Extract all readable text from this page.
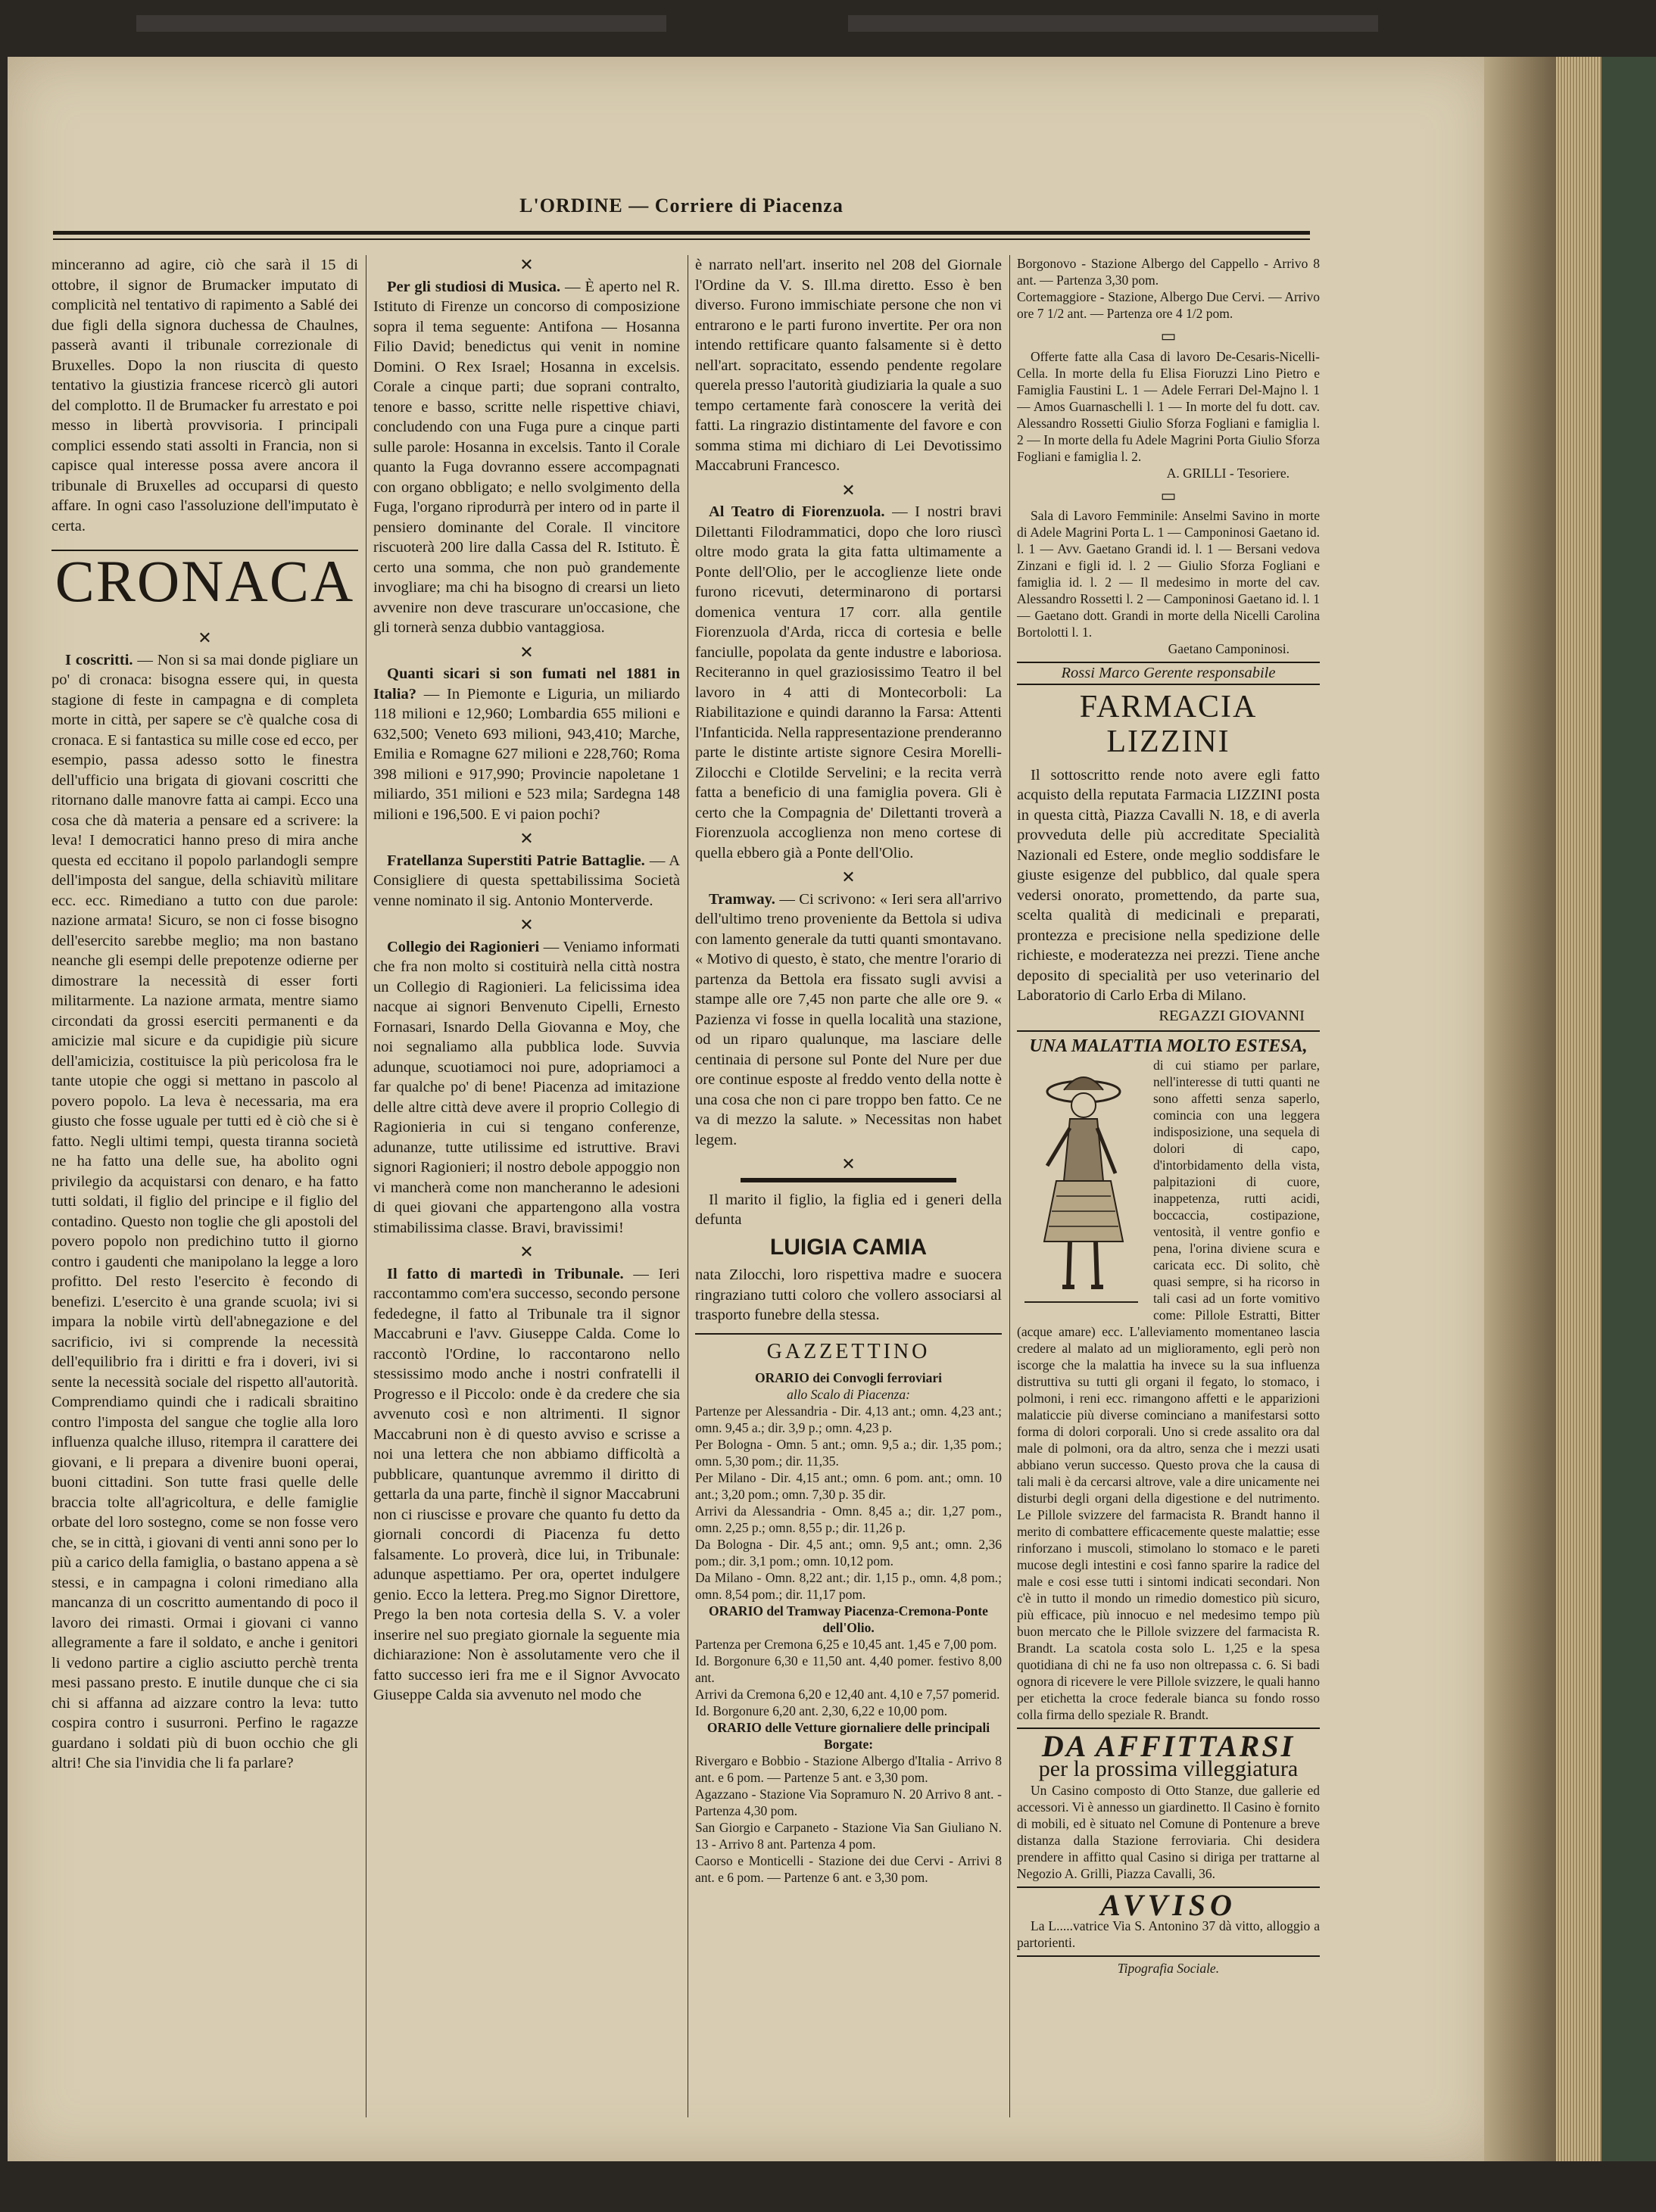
L'ORDINE — Corriere di Piacenza

minceranno ad agire, ciò che sarà il 15 di ottobre, il signor de Brumacker imputato di complicità nel tentativo di rapimento a Sablé dei due figli della signora duchessa de Chaulnes, passerà avanti il tribunale correzionale di Bruxelles. Dopo la non riuscita di questo tentativo la giustizia francese ricercò gli autori del complotto. Il de Brumacker fu arrestato e poi messo in libertà provvisoria. I principali complici essendo stati assolti in Francia, non si capisce qual interesse possa avere ancora il tribunale di Bruxelles ad occuparsi di questo affare. In ogni caso l'assoluzione dell'imputato è certa.

CRONACA
✕

I coscritti. — Non si sa mai donde pigliare un po' di cronaca: bisogna essere qui, in questa stagione di feste in campagna e di completa morte in città, per sapere se c'è qualche cosa di cronaca. E si fantastica su mille cose ed ecco, per esempio, passa adesso sotto le finestra dell'ufficio una brigata di giovani coscritti che ritornano dalle manovre fatta ai campi. Ecco una cosa che dà materia a pensare ed a scrivere: la leva! I democratici hanno preso di mira anche questa ed eccitano il popolo parlandogli sempre dell'imposta del sangue, della schiavitù militare ecc. ecc. Rimediano a tutto con due parole: nazione armata! Sicuro, se non ci fosse bisogno dell'esercito sarebbe meglio; ma non bastano neanche gli esempi delle prepotenze odierne per dimostrare la necessità di esser forti militarmente. La nazione armata, mentre siamo circondati da grossi eserciti permanenti e da amicizie mal sicure e da cupidigie più sicure dell'amicizia, costituisce la più pericolosa fra le tante utopie che oggi si mettano in pascolo al povero popolo. La leva è necessaria, ma era giusto che fosse uguale per tutti ed è ciò che si è fatto. Negli ultimi tempi, questa tiranna società ne ha fatto una delle sue, ha abolito ogni privilegio da acquistarsi con denaro, e ha fatto tutti soldati, il figlio del principe e il figlio del contadino. Questo non toglie che gli apostoli del povero popolo non predichino tutto il giorno contro i gaudenti che manipolano la legge a loro profitto. Del resto l'esercito è fecondo di benefizi. L'esercito è una grande scuola; ivi si impara la nobile virtù dell'abnegazione e del sacrificio, ivi si comprende la necessità dell'equilibrio fra i diritti e fra i doveri, ivi si sente la necessità sociale del rispetto all'autorità. Comprendiamo quindi che i radicali sbraitino contro l'imposta del sangue che toglie alla loro influenza qualche illuso, ritempra il carattere dei giovani, e li prepara a divenire buoni operai, buoni cittadini. Son tutte frasi quelle delle braccia tolte all'agricoltura, e delle famiglie orbate del loro sostegno, come se non fosse vero che, se in città, i giovani di venti anni sono per lo più a carico della famiglia, o bastano appena a sè stessi, e in campagna i coloni rimediano alla mancanza di un coscritto aumentando di poco il lavoro dei rimasti. Ormai i giovani ci vanno allegramente a fare il soldato, e anche i genitori li vedono partire a ciglio asciutto perchè trenta mesi passano presto. E inutile dunque che ci sia chi si affanna ad aizzare contro la leva: tutto cospira contro i susurroni. Perfino le ragazze guardano i soldati più di buon occhio che gli altri! Che sia l'invidia che li fa parlare?

✕

Per gli studiosi di Musica. — È aperto nel R. Istituto di Firenze un concorso di composizione sopra il tema seguente: Antifona — Hosanna Filio David; benedictus qui venit in nomine Domini. O Rex Israel; Hosanna in excelsis. Corale a cinque parti; due soprani contralto, tenore e basso, scritte nelle rispettive chiavi, concludendo con una Fuga pure a cinque parti sulle parole: Hosanna in excelsis. Tanto il Corale quanto la Fuga dovranno essere accompagnati con organo obbligato; e nello svolgimento della Fuga, l'organo riprodurrà per intero od in parte il pensiero dominante del Corale. Il vincitore riscuoterà 200 lire dalla Cassa del R. Istituto. È certo una somma, che non può grandemente invogliare; ma chi ha bisogno di crearsi un lieto avvenire non deve trascurare un'occasione, che gli tornerà senza dubbio vantaggiosa.

✕

Quanti sicari si son fumati nel 1881 in Italia? — In Piemonte e Liguria, un miliardo 118 milioni e 12,960; Lombardia 655 milioni e 632,500; Veneto 693 milioni, 943,410; Marche, Emilia e Romagne 627 milioni e 228,760; Roma 398 milioni e 917,990; Provincie napoletane 1 miliardo, 351 milioni e 523 mila; Sardegna 148 milioni e 196,500. E vi paion pochi?

✕

Fratellanza Superstiti Patrie Battaglie. — A Consigliere di questa spettabilissima Società venne nominato il sig. Antonio Monterverde.

✕

Collegio dei Ragionieri — Veniamo informati che fra non molto si costituirà nella città nostra un Collegio di Ragionieri. La felicissima idea nacque ai signori Benvenuto Cipelli, Ernesto Fornasari, Isnardo Della Giovanna e Moy, che noi segnaliamo alla pubblica lode. Suvvia adunque, scuotiamoci noi pure, adopriamoci a far qualche po' di bene! Piacenza ad imitazione delle altre città deve avere il proprio Collegio di Ragionieria in cui si tengano conferenze, adunanze, tutte utilissime ed istruttive. Bravi signori Ragionieri; il nostro debole appoggio non vi mancherà come non mancheranno le adesioni di quei giovani che appartengono alla vostra stimabilissima classe. Bravi, bravissimi!

✕

Il fatto di martedì in Tribunale. — Ieri raccontammo com'era successo, secondo persone fededegne, il fatto al Tribunale tra il signor Maccabruni e l'avv. Giuseppe Calda. Come lo raccontò l'Ordine, lo raccontarono nello stessissimo modo anche i nostri confratelli il Progresso e il Piccolo: onde è da credere che sia avvenuto così e non altrimenti. Il signor Maccabruni non è di questo avviso e scrisse a noi una lettera che non abbiamo difficoltà a pubblicare, quantunque avremmo il diritto di gettarla da una parte, finchè il signor Maccabruni non ci riuscisse e provare che quanto fu detto da giornali concordi di Piacenza fu detto falsamente. Lo proverà, dice lui, in Tribunale: adunque aspettiamo. Per ora, opertet indulgere genio. Ecco la lettera. Preg.mo Signor Direttore, Prego la ben nota cortesia della S. V. a voler inserire nel suo pregiato giornale la seguente mia dichiarazione: Non è assolutamente vero che il fatto successo ieri fra me e il Signor Avvocato Giuseppe Calda sia avvenuto nel modo che

è narrato nell'art. inserito nel 208 del Giornale l'Ordine da V. S. Ill.ma diretto. Esso è ben diverso. Furono immischiate persone che non vi entrarono e le parti furono invertite. Per ora non intendo rettificare quanto falsamente si è detto nell'art. sopracitato, essendo pendente regolare querela presso l'autorità giudiziaria la quale a suo tempo certamente farà conoscere la verità dei fatti. La ringrazio distintamente del favore e con somma stima mi dichiaro di Lei Devotissimo Maccabruni Francesco.

✕

Al Teatro di Fiorenzuola. — I nostri bravi Dilettanti Filodrammatici, dopo che loro riuscì oltre modo grata la gita fatta ultimamente a Ponte dell'Olio, per le accoglienze liete onde furono ricevuti, determinarono di portarsi domenica ventura 17 corr. alla gentile Fiorenzuola d'Arda, ricca di cortesia e belle fanciulle, popolata da gente industre e laboriosa. Reciteranno in quel graziosissimo Teatro il bel lavoro in 4 atti di Montecorboli: La Riabilitazione e quindi daranno la Farsa: Attenti l'Infanticida. Nella rappresentazione prenderanno parte le distinte artiste signore Cesira Morelli-Zilocchi e Clotilde Servelini; e la recita verrà fatta a beneficio di una famiglia povera. Gli è certo che la Compagnia de' Dilettanti troverà a Fiorenzuola accoglienza non meno cortese di quella ebbero già a Ponte dell'Olio.

✕

Tramway. — Ci scrivono: « Ieri sera all'arrivo dell'ultimo treno proveniente da Bettola si udiva con lamento generale da tutti quanti smontavano. « Motivo di questo, è stato, che mentre l'orario di partenza da Bettola era fissato sugli avvisi a stampe alle ore 7,45 non parte che alle ore 9. « Pazienza vi fosse in quella località una stazione, od un riparo qualunque, ma lasciare delle centinaia di persone sul Ponte del Nure per due ore continue esposte al freddo vento della notte è una cosa che non ci pare troppo ben fatto. Ce ne va di mezzo la salute. » Necessitas non habet legem.

✕

Il marito il figlio, la figlia ed i generi della defunta

LUIGIA CAMIA

nata Zilocchi, loro rispettiva madre e suocera ringraziano tutti coloro che vollero associarsi al trasporto funebre della stessa.

GAZZETTINO
ORARIO dei Convogli ferroviari
allo Scalo di Piacenza:
Partenze per Alessandria - Dir. 4,13 ant.; omn. 4,23 ant.; omn. 9,45 a.; dir. 3,9 p.; omn. 4,23 p.
Per Bologna - Omn. 5 ant.; omn. 9,5 a.; dir. 1,35 pom.; omn. 5,30 pom.; dir. 11,35.
Per Milano - Dir. 4,15 ant.; omn. 6 pom. ant.; omn. 10 ant.; 3,20 pom.; omn. 7,30 p. 35 dir.
Arrivi da Alessandria - Omn. 8,45 a.; dir. 1,27 pom., omn. 2,25 p.; omn. 8,55 p.; dir. 11,26 p.
Da Bologna - Dir. 4,5 ant.; omn. 9,5 ant.; omn. 2,36 pom.; dir. 3,1 pom.; omn. 10,12 pom.
Da Milano - Omn. 8,22 ant.; dir. 1,15 p., omn. 4,8 pom.; omn. 8,54 pom.; dir. 11,17 pom.
ORARIO del Tramway Piacenza-Cremona-Ponte dell'Olio.
Partenza per Cremona 6,25 e 10,45 ant. 1,45 e 7,00 pom.
Id. Borgonure 6,30 e 11,50 ant. 4,40 pomer. festivo 8,00 ant.
Arrivi da Cremona 6,20 e 12,40 ant. 4,10 e 7,57 pomerid.
Id. Borgonure 6,20 ant. 2,30, 6,22 e 10,00 pom.
ORARIO delle Vetture giornaliere delle principali Borgate:
Rivergaro e Bobbio - Stazione Albergo d'Italia - Arrivo 8 ant. e 6 pom. — Partenze 5 ant. e 3,30 pom.
Agazzano - Stazione Via Sopramuro N. 20 Arrivo 8 ant. - Partenza 4,30 pom.
San Giorgio e Carpaneto - Stazione Via San Giuliano N. 13 - Arrivo 8 ant. Partenza 4 pom.
Caorso e Monticelli - Stazione dei due Cervi - Arrivi 8 ant. e 6 pom. — Partenze 6 ant. e 3,30 pom.
Borgonovo - Stazione Albergo del Cappello - Arrivo 8 ant. — Partenza 3,30 pom.
Cortemaggiore - Stazione, Albergo Due Cervi. — Arrivo ore 7 1/2 ant. — Partenza ore 4 1/2 pom.
▭

Offerte fatte alla Casa di lavoro De-Cesaris-Nicelli-Cella. In morte della fu Elisa Fioruzzi Lino Pietro e Famiglia Faustini L. 1 — Adele Ferrari Del-Majno l. 1 — Amos Guarnaschelli l. 1 — In morte del fu dott. cav. Alessandro Rossetti Giulio Sforza Fogliani e famiglia l. 2 — In morte della fu Adele Magrini Porta Giulio Sforza Fogliani e famiglia l. 2.

A. GRILLI - Tesoriere.
▭

Sala di Lavoro Femminile: Anselmi Savino in morte di Adele Magrini Porta L. 1 — Camponinosi Gaetano id. l. 1 — Avv. Gaetano Grandi id. l. 1 — Bersani vedova Zinzani e figli id. l. 2 — Giulio Sforza Fogliani e famiglia id. l. 2 — Il medesimo in morte del cav. Alessandro Rossetti l. 2 — Camponinosi Gaetano id. l. 1 — Gaetano dott. Grandi in morte della Nicelli Carolina Bortolotti l. 1.

Gaetano Camponinosi.
Rossi Marco Gerente responsabile
FARMACIA LIZZINI

Il sottoscritto rende noto avere egli fatto acquisto della reputata Farmacia LIZZINI posta in questa città, Piazza Cavalli N. 18, e di averla provveduta delle più accreditate Specialità Nazionali ed Estere, onde meglio soddisfare le giuste esigenze del pubblico, dal quale spera vedersi onorato, promettendo, da parte sua, scelta qualità di medicinali e preparati, prontezza e precisione nella spedizione delle richieste, e moderatezza nei prezzi. Tiene anche deposito di specialità per uso veterinario del Laboratorio di Carlo Erba di Milano.

REGAZZI GIOVANNI
UNA MALATTIA MOLTO ESTESA,

di cui stiamo per parlare, nell'interesse di tutti quanti ne sono affetti senza saperlo, comincia con una leggera indisposizione, una sequela di dolori di capo, d'intorbidamento della vista, palpitazioni di cuore, inappetenza, rutti acidi, boccaccia, costipazione, ventosità, il ventre gonfio e pena, l'orina diviene scura e caricata ecc. Di solito, chè quasi sempre, si ha ricorso in tali casi ad un forte vomitivo come: Pillole Estratti, Bitter (acque amare) ecc. L'alleviamento momentaneo lascia credere al malato ad un miglioramento, egli però non iscorge che la malattia ha invece su la sua influenza distruttiva su tutti gli organi il fegato, lo stomaco, i polmoni, i reni ecc. rimangono affetti e le apparizioni malaticcie più diverse cominciano a manifestarsi sotto forma di dolori corporali. Uno si crede assalito ora dal male di polmoni, ora da altro, senza che i mezzi usati abbiano verun successo. Questo prova che la causa di tali mali è da cercarsi altrove, vale a dire unicamente nei disturbi degli organi della digestione e del nutrimento. Le Pillole svizzere del farmacista R. Brandt hanno il merito di combattere efficacemente queste malattie; esse rinforzano i muscoli, stimolano lo stomaco e le pareti mucose degli intestini e così fanno sparire la radice del male e cosi esse tutti i sintomi indicati secondari. Non c'è in tutto il mondo un rimedio domestico più sicuro, più efficace, più innocuo e nel medesimo tempo più buon mercato che le Pillole svizzere del farmacista R. Brandt. La scatola costa solo L. 1,25 e la spesa quotidiana di chi ne fa uso non oltrepassa c. 6. Si badi ognora di ricevere le vere Pillole svizzere, le quali hanno per etichetta la croce federale bianca su fondo rosso colla firma dello speziale R. Brandt.

DA AFFITTARSI
per la prossima villeggiatura

Un Casino composto di Otto Stanze, due gallerie ed accessori. Vi è annesso un giardinetto. Il Casino è fornito di mobili, ed è situato nel Comune di Pontenure a breve distanza dalla Stazione ferroviaria. Chi desidera prendere in affitto qual Casino si diriga per trattarne al Negozio A. Grilli, Piazza Cavalli, 36.

AVVISO

La L.....vatrice Via S. Antonino 37 dà vitto, alloggio a partorienti.

Tipografia Sociale.
